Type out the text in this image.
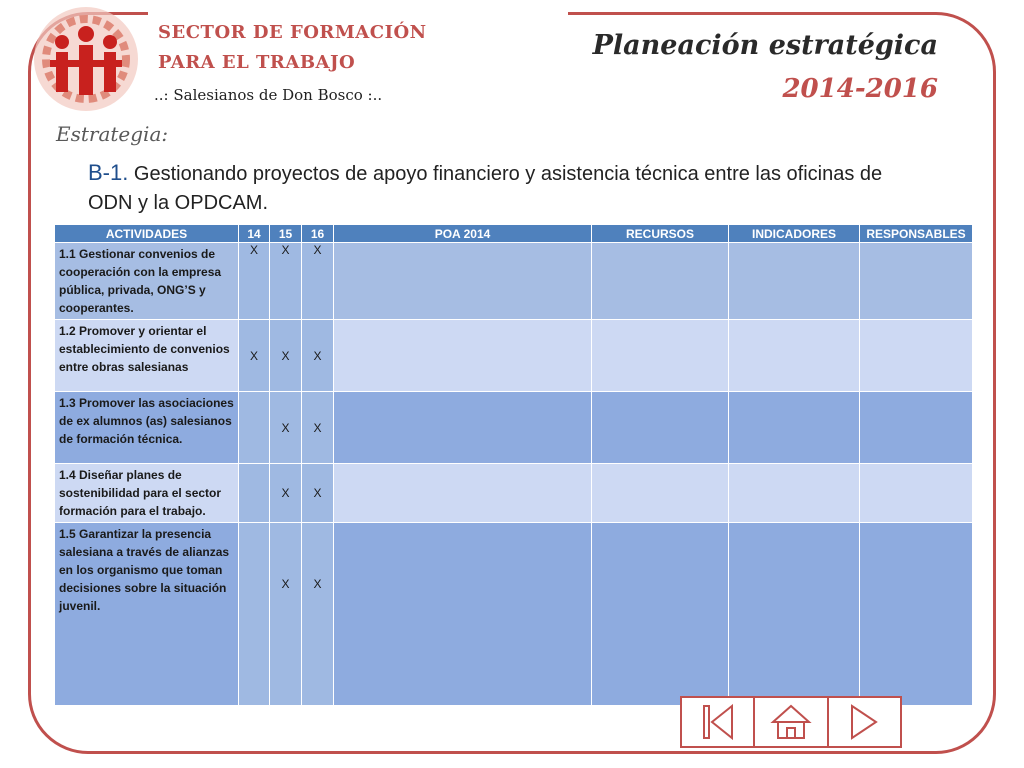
SECTOR DE FORMACIÓN
PARA EL TRABAJO
..: Salesianos de Don Bosco :..
Planeación estratégica
2014-2016
Estrategia:
B-1. Gestionando proyectos de apoyo financiero y asistencia técnica entre las oficinas de ODN y la OPDCAM.
ACTIVIDADES	14	15	16	POA 2014	RECURSOS	INDICADORES	RESPONSABLES
1.1 Gestionar convenios de cooperación con la empresa pública, privada, ONG’S y cooperantes.	X	X	X				

1.2 Promover y orientar el establecimiento de convenios entre obras salesianas	X	X	X				

1.3 Promover las asociaciones de ex alumnos (as) salesianos de formación técnica.		X	X				

1.4 Diseñar planes de sostenibilidad para el sector formación para el trabajo.		X	X				

1.5 Garantizar la presencia salesiana a través de alianzas en los organismo que toman decisiones sobre la situación juvenil.		X	X				
